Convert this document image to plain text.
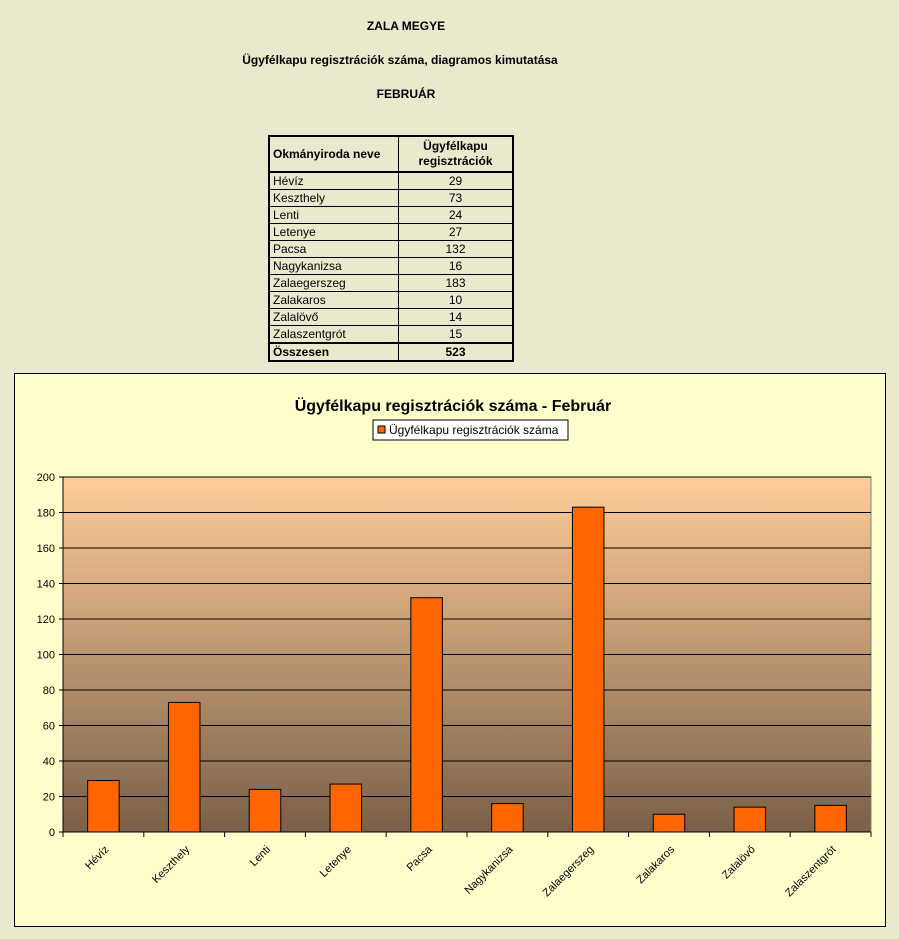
ZALA MEGYE
Ügyfélkapu regisztrációk száma, diagramos kimutatása
FEBRUÁR
Okmányiroda neve	Ügyfélkapu
regisztrációk
Hévíz	29
Keszthely	73
Lenti	24
Letenye	27
Pacsa	132
Nagykanizsa	16
Zalaegerszeg	183
Zalakaros	10
Zalalövő	14
Zalaszentgrót	15
Összesen	523
Ügyfélkapu regisztrációk száma - Február
Ügyfélkapu regisztrációk száma
0
20
40
60
80
100
120
140
160
180
200
Hévíz	Keszthely	Lenti	Letenye	Pacsa	Nagykanizsa Zalaegerszeg	Zalakaros	Zalalövő Zalaszentgrót
